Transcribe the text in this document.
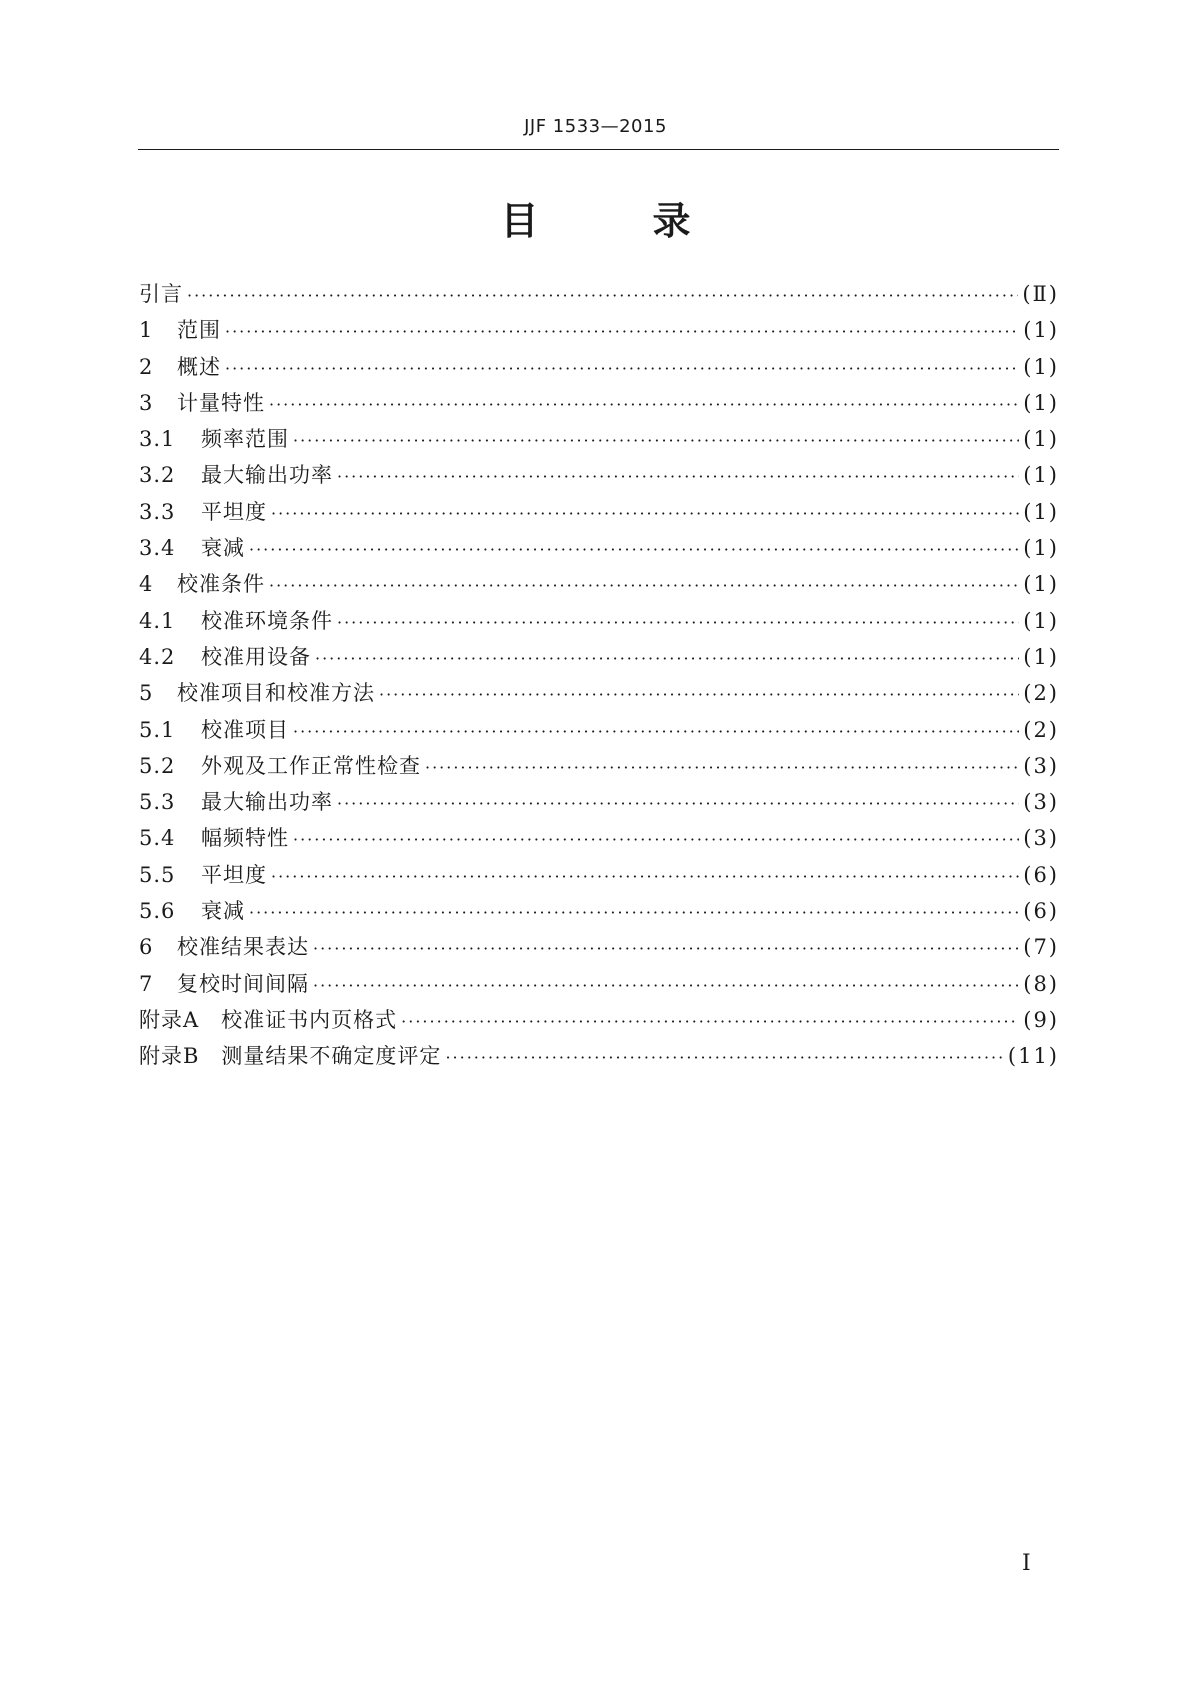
JJF 1533—2015
目　　　录
引言 ·····	(Ⅱ)
1	范围 ·····	(1)
2	概述 ·····	(1)
3	计量特性 ·····	(1)
3.1	频率范围 ·····	(1)
3.2	最大输出功率 ·····	(1)
3.3	平坦度 ·····	(1)
3.4	衰减 ·····	(1)
4	校准条件 ·····	(1)
4.1	校准环境条件 ·····	(1)
4.2	校准用设备 ·····	(1)
5	校准项目和校准方法 ·····	(2)
5.1	校准项目 ·····	(2)
5.2	外观及工作正常性检查 ·····	(3)
5.3	最大输出功率 ·····	(3)
5.4	幅频特性 ·····	(3)
5.5	平坦度 ·····	(6)
5.6	衰减 ·····	(6)
6	校准结果表达 ·····	(7)
7	复校时间间隔 ·····	(8)
附录A　校准证书内页格式 ·····	(9)
附录B　测量结果不确定度评定 ·····	(11)
Ⅰ
